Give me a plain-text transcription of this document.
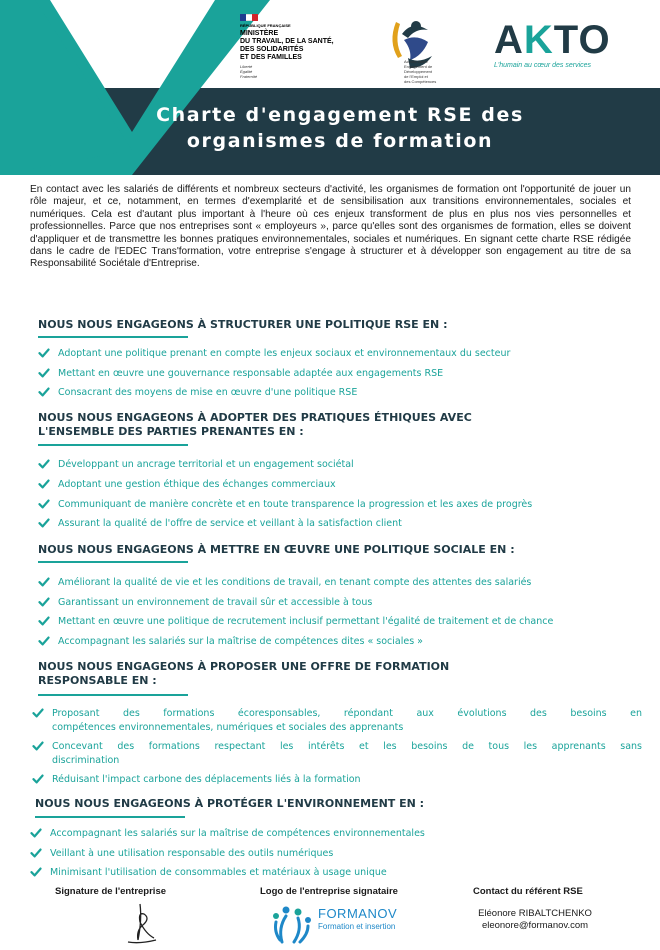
RÉPUBLIQUE FRANÇAISE
MINISTÈRE
DU TRAVAIL, DE LA SANTÉ,
DES SOLIDARITÉS
ET DES FAMILLES
Liberté
Égalité
Fraternité
Accord-cadre
Engagement de
Développement
de l'Emploi et
des Compétences
AKTO
L'humain au cœur des services
Charte d'engagement RSE des
organismes de formation

En contact avec les salariés de différents et nombreux secteurs d'activité, les organismes de formation ont l'opportunité de jouer un rôle majeur, et ce, notamment, en termes d'exemplarité et de sensibilisation aux transitions environnementales, sociales et numériques. Cela est d'autant plus important à l'heure où ces enjeux transforment de plus en plus nos vies personnelles et professionnelles. Parce que nos entreprises sont « employeurs », parce qu'elles sont des organismes de formation, elles se doivent d'appliquer et de transmettre les bonnes pratiques environnementales, sociales et numériques. En signant cette charte RSE rédigée dans le cadre de l'EDEC Trans'formation, votre entreprise s'engage à structurer et à développer son engagement au titre de sa Responsabilité Sociétale d'Entreprise.

NOUS NOUS ENGAGEONS À STRUCTURER UNE POLITIQUE RSE EN :
Adoptant une politique prenant en compte les enjeux sociaux et environnementaux du secteur
Mettant en œuvre une gouvernance responsable adaptée aux engagements RSE
Consacrant des moyens de mise en œuvre d'une politique RSE
NOUS NOUS ENGAGEONS À ADOPTER DES PRATIQUES ÉTHIQUES AVEC
L'ENSEMBLE DES PARTIES PRENANTES EN :
Développant un ancrage territorial et un engagement sociétal
Adoptant une gestion éthique des échanges commerciaux
Communiquant de manière concrète et en toute transparence la progression et les axes de progrès
Assurant la qualité de l'offre de service et veillant à la satisfaction client
NOUS NOUS ENGAGEONS À METTRE EN ŒUVRE UNE POLITIQUE SOCIALE EN :
Améliorant la qualité de vie et les conditions de travail, en tenant compte des attentes des salariés
Garantissant un environnement de travail sûr et accessible à tous
Mettant en œuvre une politique de recrutement inclusif permettant l'égalité de traitement et de chance
Accompagnant les salariés sur la maîtrise de compétences dites « sociales »
NOUS NOUS ENGAGEONS À PROPOSER UNE OFFRE DE FORMATION
RESPONSABLE EN :
Proposant des formations écoresponsables, répondant aux évolutions des besoins en
compétences environnementales, numériques et sociales des apprenants
Concevant des formations respectant les intérêts et les besoins de tous les apprenants sans
discrimination
Réduisant l'impact carbone des déplacements liés à la formation
NOUS NOUS ENGAGEONS À PROTÉGER L'ENVIRONNEMENT EN :
Accompagnant les salariés sur la maîtrise de compétences environnementales
Veillant à une utilisation responsable des outils numériques
Minimisant l'utilisation de consommables et matériaux à usage unique
Signature de l'entreprise	Logo de l'entreprise signataire	Contact du référent RSE
FORMANOV
Formation et insertion
Eléonore RIBALTCHENKO
eleonore@formanov.com
